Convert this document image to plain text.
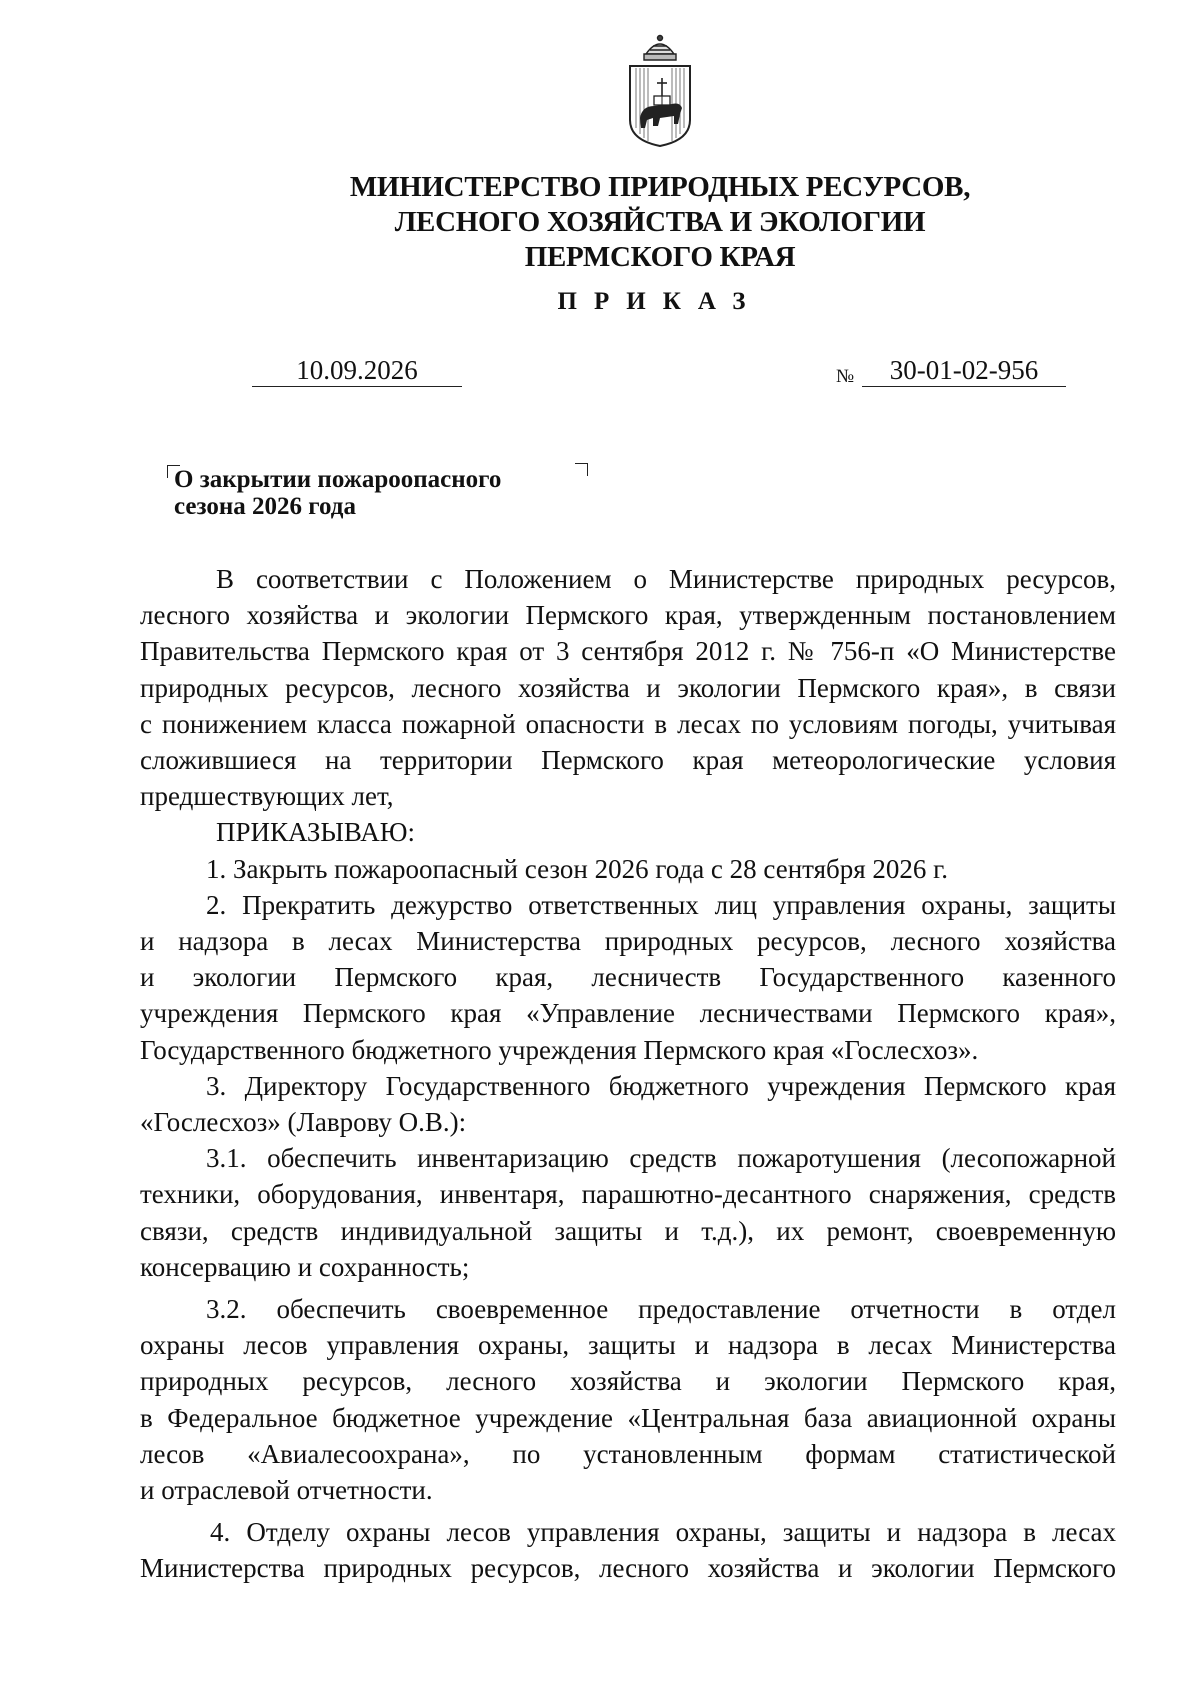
МИНИСТЕРСТВО ПРИРОДНЫХ РЕСУРСОВ,
ЛЕСНОГО ХОЗЯЙСТВА И ЭКОЛОГИИ
ПЕРМСКОГО КРАЯ
ПРИКАЗ
10.09.2026	№	30-01-02-956
О закрытии пожароопасного
сезона 2026 года

В соответствии с Положением о Министерстве природных ресурсов,

лесного хозяйства и экологии Пермского края, утвержденным постановлением

Правительства Пермского края от 3 сентября 2012 г. № 756-п «О Министерстве

природных ресурсов, лесного хозяйства и экологии Пермского края», в связи

с понижением класса пожарной опасности в лесах по условиям погоды, учитывая

сложившиеся на территории Пермского края метеорологические условия

предшествующих лет,

ПРИКАЗЫВАЮ:

1. Закрыть пожароопасный сезон 2026 года с 28 сентября 2026 г.

2. Прекратить дежурство ответственных лиц управления охраны, защиты

и надзора в лесах Министерства природных ресурсов, лесного хозяйства

и экологии Пермского края, лесничеств Государственного казенного

учреждения Пермского края «Управление лесничествами Пермского края»,

Государственного бюджетного учреждения Пермского края «Гослесхоз».

3. Директору Государственного бюджетного учреждения Пермского края

«Гослесхоз» (Лаврову О.В.):

3.1. обеспечить инвентаризацию средств пожаротушения (лесопожарной

техники, оборудования, инвентаря, парашютно-десантного снаряжения, средств

связи, средств индивидуальной защиты и т.д.), их ремонт, своевременную

консервацию и сохранность;

3.2. обеспечить своевременное предоставление отчетности в отдел

охраны лесов управления охраны, защиты и надзора в лесах Министерства

природных ресурсов, лесного хозяйства и экологии Пермского края,

в Федеральное бюджетное учреждение «Центральная база авиационной охраны

лесов «Авиалесоохрана», по установленным формам статистической

и отраслевой отчетности.

4. Отделу охраны лесов управления охраны, защиты и надзора в лесах

Министерства природных ресурсов, лесного хозяйства и экологии Пермского
